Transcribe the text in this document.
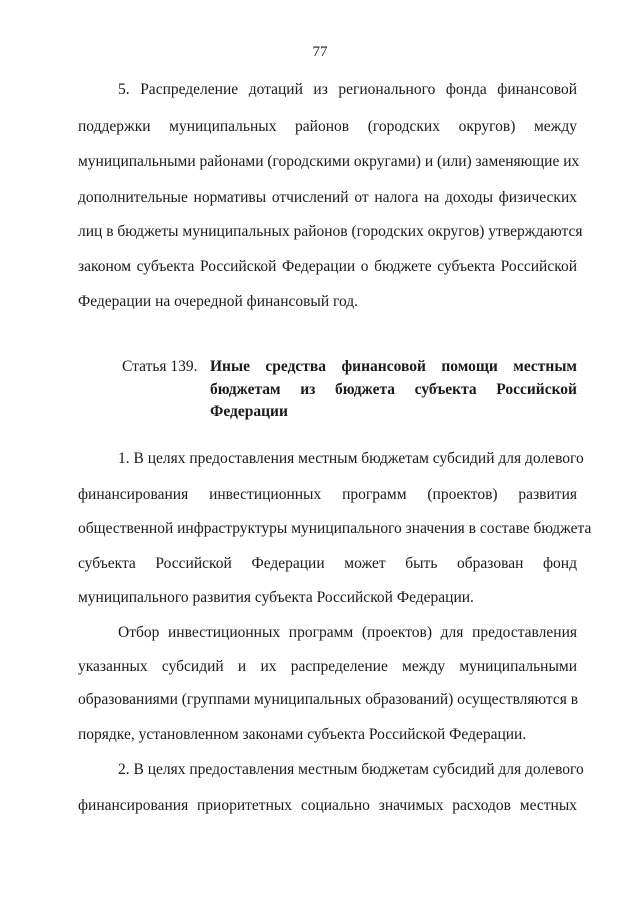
77
5. Распределение дотаций из регионального фонда финансовой
поддержки муниципальных районов (городских округов) между
муниципальными районами (городскими округами) и (или) заменяющие их
дополнительные нормативы отчислений от налога на доходы физических
лиц в бюджеты муниципальных районов (городских округов) утверждаются
законом субъекта Российской Федерации о бюджете субъекта Российской
Федерации на очередной финансовый год.
Статья 139. Иные средства финансовой помощи местным
бюджетам из бюджета субъекта Российской
Федерации
1. В целях предоставления местным бюджетам субсидий для долевого
финансирования инвестиционных программ (проектов) развития
общественной инфраструктуры муниципального значения в составе бюджета
субъекта Российской Федерации может быть образован фонд
муниципального развития субъекта Российской Федерации.
Отбор инвестиционных программ (проектов) для предоставления
указанных субсидий и их распределение между муниципальными
образованиями (группами муниципальных образований) осуществляются в
порядке, установленном законами субъекта Российской Федерации.
2. В целях предоставления местным бюджетам субсидий для долевого
финансирования приоритетных социально значимых расходов местных
